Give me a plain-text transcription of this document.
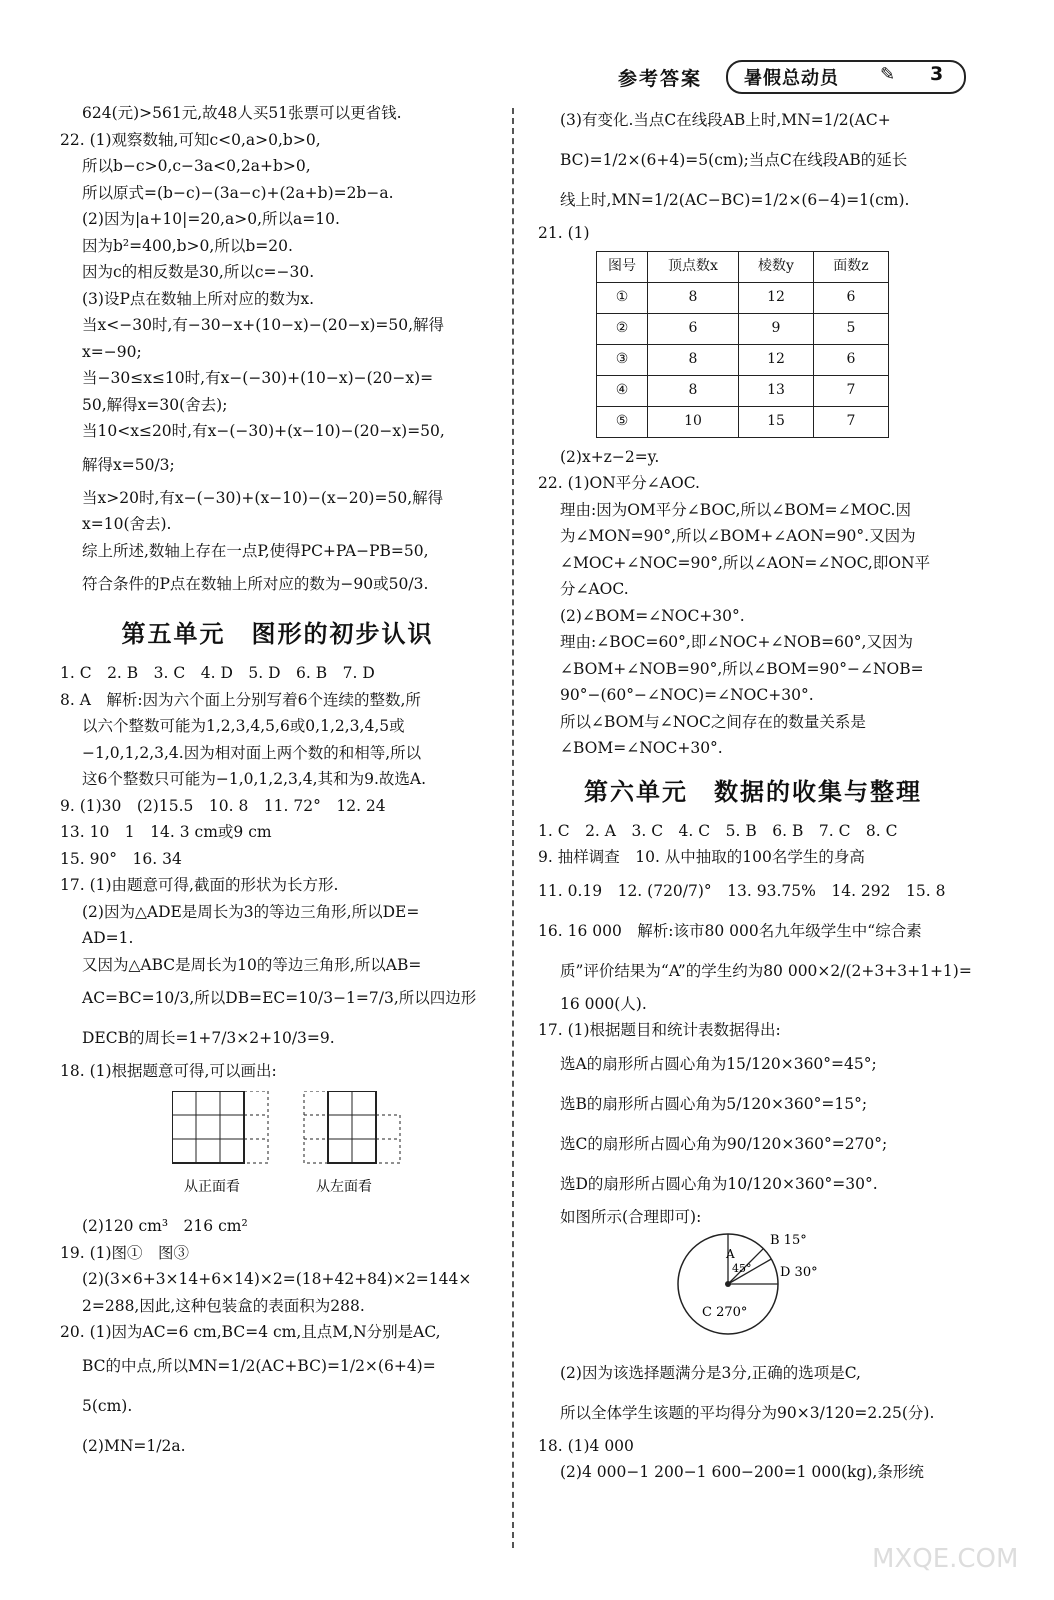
参考答案 暑假总动员 ✎ 3
624(元)>561元,故48人买51张票可以更省钱.
22. (1)观察数轴,可知c<0,a>0,b>0,
所以b−c>0,c−3a<0,2a+b>0,
所以原式=(b−c)−(3a−c)+(2a+b)=2b−a.
(2)因为|a+10|=20,a>0,所以a=10.
因为b²=400,b>0,所以b=20.
因为c的相反数是30,所以c=−30.
(3)设P点在数轴上所对应的数为x.
当x<−30时,有−30−x+(10−x)−(20−x)=50,解得
x=−90;
当−30≤x≤10时,有x−(−30)+(10−x)−(20−x)=
50,解得x=30(舍去);
当10<x≤20时,有x−(−30)+(x−10)−(20−x)=50,
解得x=50/3;
当x>20时,有x−(−30)+(x−10)−(x−20)=50,解得
x=10(舍去).
综上所述,数轴上存在一点P,使得PC+PA−PB=50,
符合条件的P点在数轴上所对应的数为−90或50/3.
第五单元　图形的初步认识
1. C　2. B　3. C　4. D　5. D　6. B　7. D
8. A　解析:因为六个面上分别写着6个连续的整数,所
以六个整数可能为1,2,3,4,5,6或0,1,2,3,4,5或
−1,0,1,2,3,4.因为相对面上两个数的和相等,所以
这6个整数只可能为−1,0,1,2,3,4,其和为9.故选A.
9. (1)30　(2)15.5　10. 8　11. 72°　12. 24
13. 10　1　14. 3 cm或9 cm
15. 90°　16. 34
17. (1)由题意可得,截面的形状为长方形.
(2)因为△ADE是周长为3的等边三角形,所以DE=
AD=1.
又因为△ABC是周长为10的等边三角形,所以AB=
AC=BC=10/3,所以DB=EC=10/3−1=7/3,所以四边形
DECB的周长=1+7/3×2+10/3=9.
18. (1)根据题意可得,可以画出:
从正面看	从左面看
(2)120 cm³　216 cm²
19. (1)图①　图③
(2)(3×6+3×14+6×14)×2=(18+42+84)×2=144×
2=288,因此,这种包装盒的表面积为288.
20. (1)因为AC=6 cm,BC=4 cm,且点M,N分别是AC,
BC的中点,所以MN=1/2(AC+BC)=1/2×(6+4)=
5(cm).
(2)MN=1/2a.
(3)有变化.当点C在线段AB上时,MN=1/2(AC+
BC)=1/2×(6+4)=5(cm);当点C在线段AB的延长
线上时,MN=1/2(AC−BC)=1/2×(6−4)=1(cm).
21. (1)
图号	顶点数x	棱数y	面数z
①	8	12	6
②	6	9	5
③	8	12	6
④	8	13	7
⑤	10	15	7
(2)x+z−2=y.
22. (1)ON平分∠AOC.
理由:因为OM平分∠BOC,所以∠BOM=∠MOC.因
为∠MON=90°,所以∠BOM+∠AON=90°.又因为
∠MOC+∠NOC=90°,所以∠AON=∠NOC,即ON平
分∠AOC.
(2)∠BOM=∠NOC+30°.
理由:∠BOC=60°,即∠NOC+∠NOB=60°,又因为
∠BOM+∠NOB=90°,所以∠BOM=90°−∠NOB=
90°−(60°−∠NOC)=∠NOC+30°.
所以∠BOM与∠NOC之间存在的数量关系是
∠BOM=∠NOC+30°.
第六单元　数据的收集与整理
1. C　2. A　3. C　4. C　5. B　6. B　7. C　8. C
9. 抽样调查　10. 从中抽取的100名学生的身高
11. 0.19　12. (720/7)°　13. 93.75%　14. 292　15. 8
16. 16 000　解析:该市80 000名九年级学生中“综合素
质”评价结果为“A”的学生约为80 000×2/(2+3+3+1+1)=
16 000(人).
17. (1)根据题目和统计表数据得出:
选A的扇形所占圆心角为15/120×360°=45°;
选B的扇形所占圆心角为5/120×360°=15°;
选C的扇形所占圆心角为90/120×360°=270°;
选D的扇形所占圆心角为10/120×360°=30°.
如图所示(合理即可):
A
45°
B 15°
D 30°
C 270°
(2)因为该选择题满分是3分,正确的选项是C,
所以全体学生该题的平均得分为90×3/120=2.25(分).
18. (1)4 000
(2)4 000−1 200−1 600−200=1 000(kg),条形统
MXQE.COM
